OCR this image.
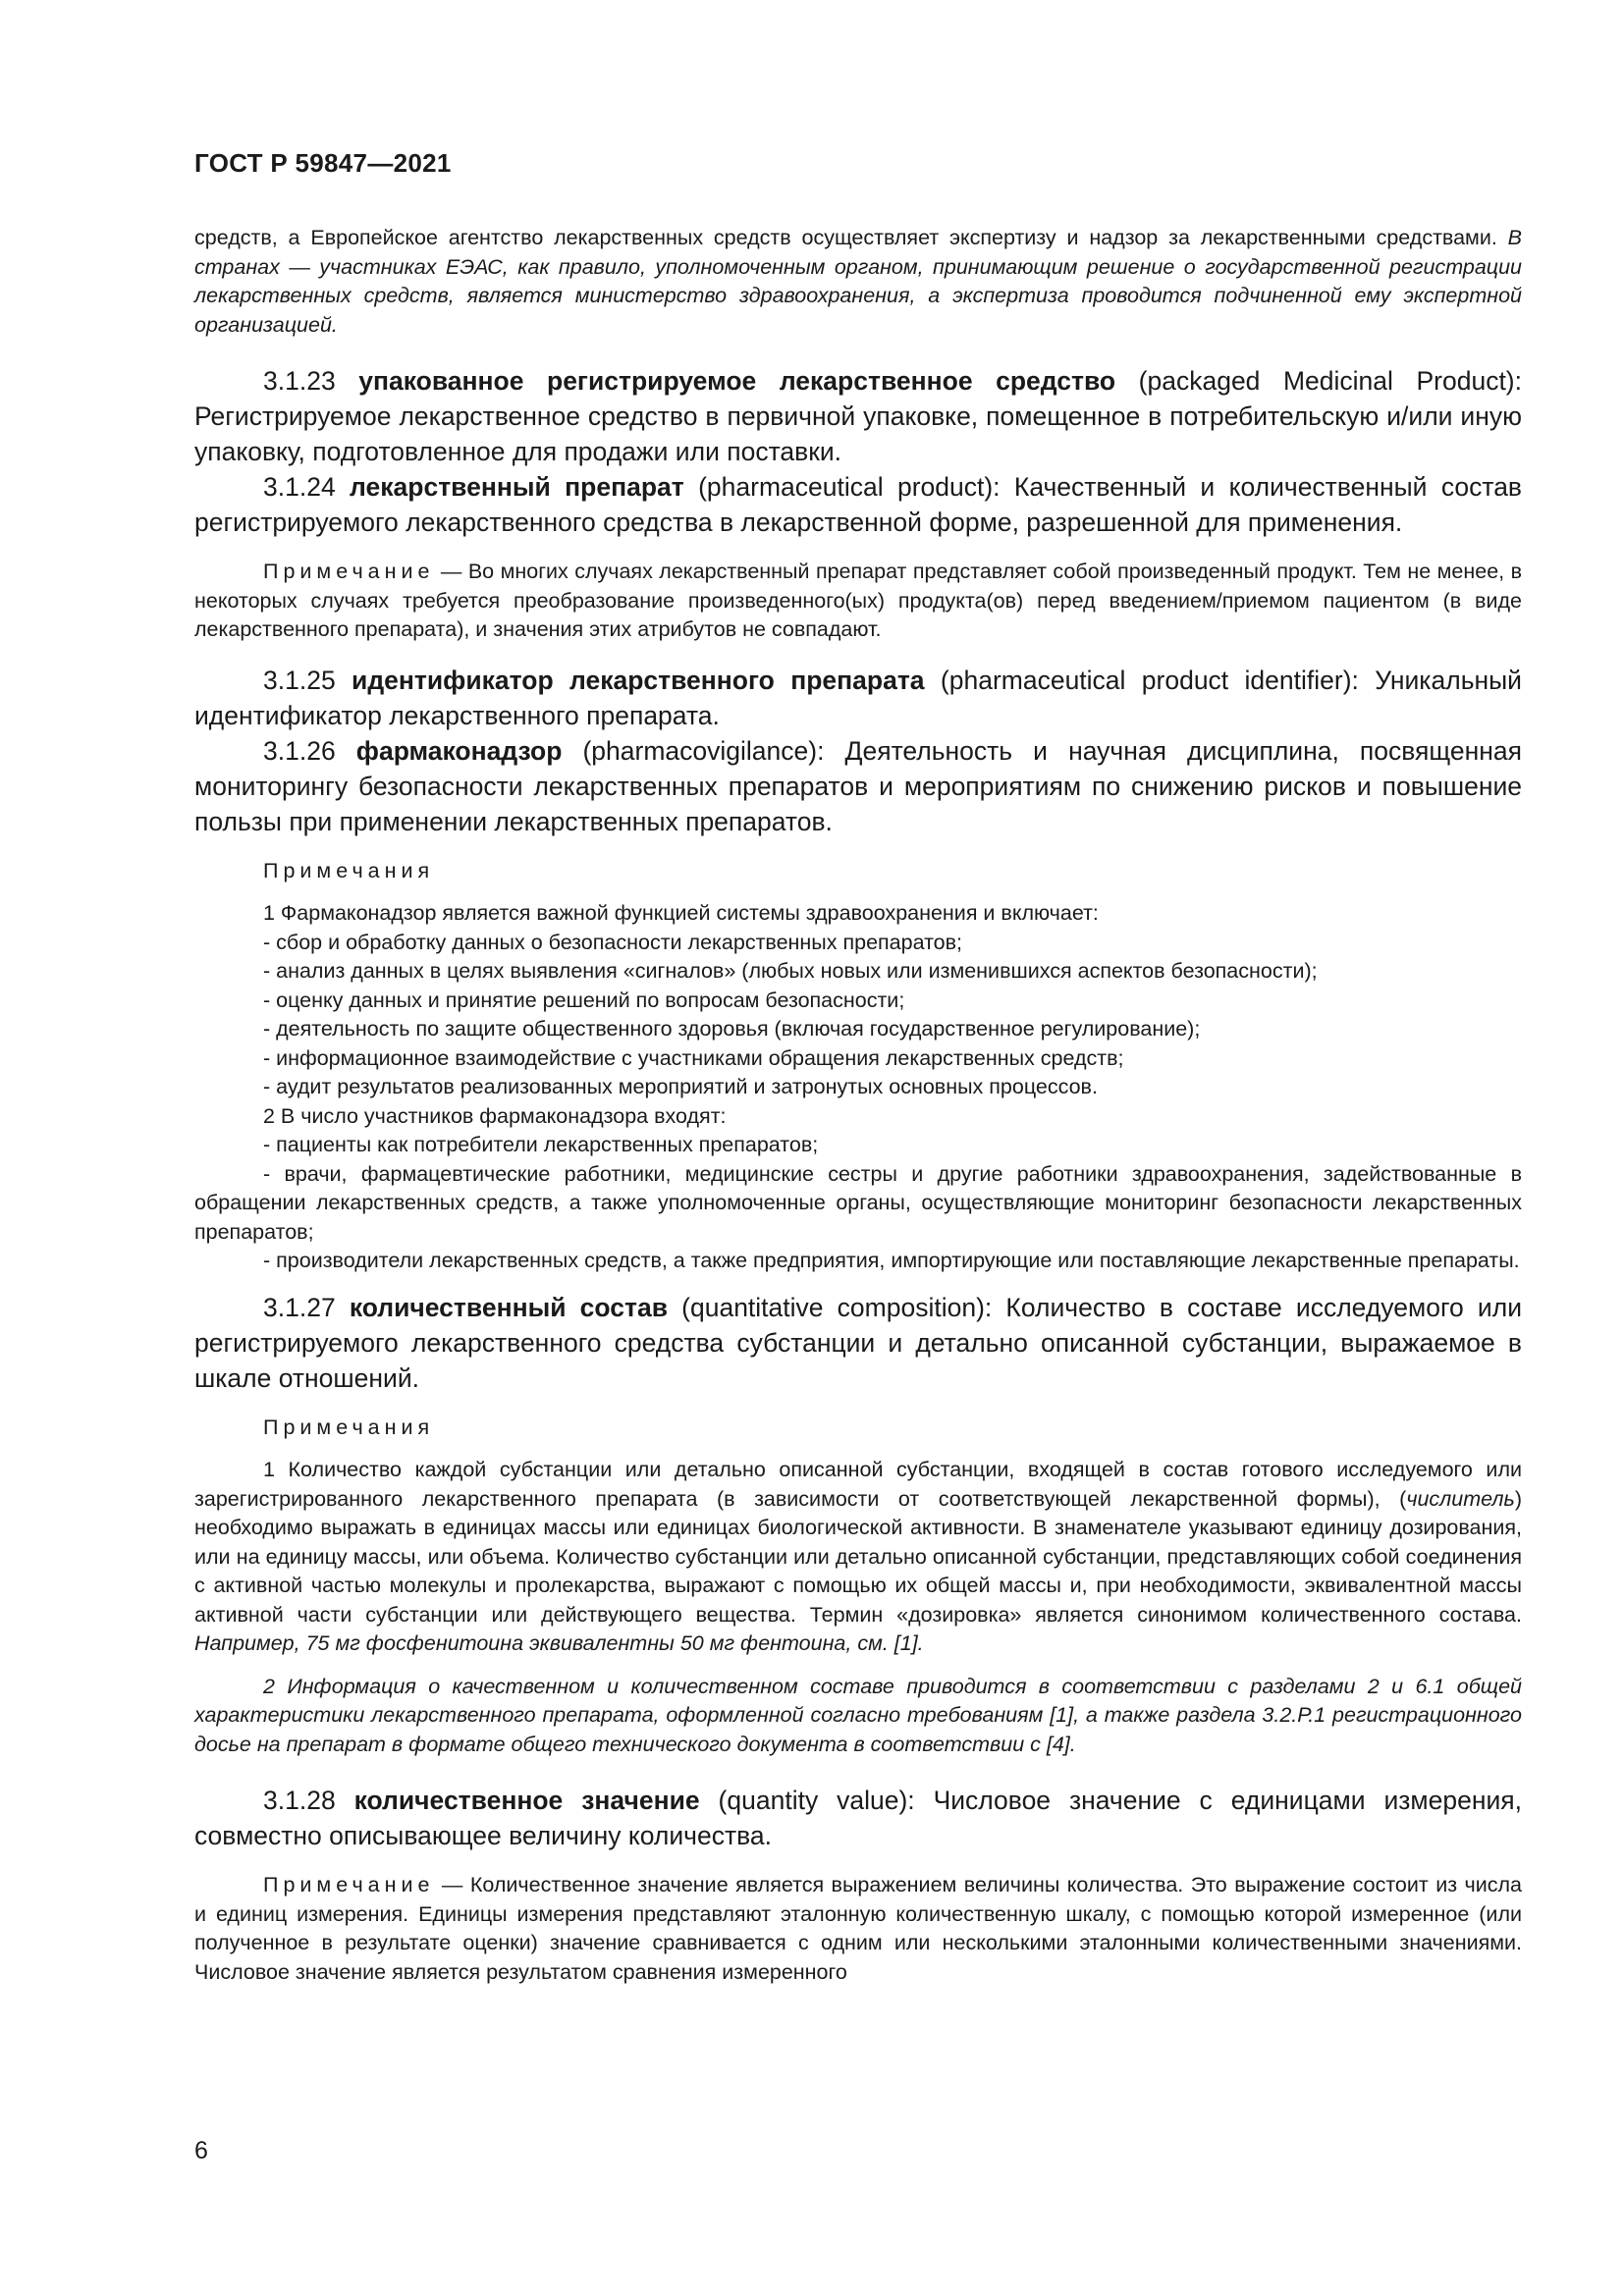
ГОСТ Р 59847—2021

средств, а Европейское агентство лекарственных средств осуществляет экспертизу и надзор за лекарственными средствами. В странах — участниках ЕЭАС, как правило, уполномоченным органом, принимающим решение о государственной регистрации лекарственных средств, является министерство здравоохранения, а экспертиза проводится подчиненной ему экспертной организацией.

3.1.23 упакованное регистрируемое лекарственное средство (packaged Medicinal Product): Регистрируемое лекарственное средство в первичной упаковке, помещенное в потребительскую и/или иную упаковку, подготовленное для продажи или поставки.

3.1.24 лекарственный препарат (pharmaceutical product): Качественный и количественный состав регистрируемого лекарственного средства в лекарственной форме, разрешенной для применения.

Примечание — Во многих случаях лекарственный препарат представляет собой произведенный продукт. Тем не менее, в некоторых случаях требуется преобразование произведенного(ых) продукта(ов) перед введением/приемом пациентом (в виде лекарственного препарата), и значения этих атрибутов не совпадают.

3.1.25 идентификатор лекарственного препарата (pharmaceutical product identifier): Уникальный идентификатор лекарственного препарата.

3.1.26 фармаконадзор (pharmacovigilance): Деятельность и научная дисциплина, посвященная мониторингу безопасности лекарственных препаратов и мероприятиям по снижению рисков и повышение пользы при применении лекарственных препаратов.

Примечания

1 Фармаконадзор является важной функцией системы здравоохранения и включает:

- сбор и обработку данных о безопасности лекарственных препаратов;

- анализ данных в целях выявления «сигналов» (любых новых или изменившихся аспектов безопасности);

- оценку данных и принятие решений по вопросам безопасности;

- деятельность по защите общественного здоровья (включая государственное регулирование);

- информационное взаимодействие с участниками обращения лекарственных средств;

- аудит результатов реализованных мероприятий и затронутых основных процессов.

2 В число участников фармаконадзора входят:

- пациенты как потребители лекарственных препаратов;

- врачи, фармацевтические работники, медицинские сестры и другие работники здравоохранения, задействованные в обращении лекарственных средств, а также уполномоченные органы, осуществляющие мониторинг безопасности лекарственных препаратов;

- производители лекарственных средств, а также предприятия, импортирующие или поставляющие лекарственные препараты.

3.1.27 количественный состав (quantitative composition): Количество в составе исследуемого или регистрируемого лекарственного средства субстанции и детально описанной субстанции, выражаемое в шкале отношений.

Примечания

1 Количество каждой субстанции или детально описанной субстанции, входящей в состав готового исследуемого или зарегистрированного лекарственного препарата (в зависимости от соответствующей лекарственной формы), (числитель) необходимо выражать в единицах массы или единицах биологической активности. В знаменателе указывают единицу дозирования, или на единицу массы, или объема. Количество субстанции или детально описанной субстанции, представляющих собой соединения с активной частью молекулы и пролекарства, выражают с помощью их общей массы и, при необходимости, эквивалентной массы активной части субстанции или действующего вещества. Термин «дозировка» является синонимом количественного состава. Например, 75 мг фосфенитоина эквивалентны 50 мг фентоина, см. [1].

2 Информация о качественном и количественном составе приводится в соответствии с разделами 2 и 6.1 общей характеристики лекарственного препарата, оформленной согласно требованиям [1], а также раздела 3.2.Р.1 регистрационного досье на препарат в формате общего технического документа в соответствии с [4].

3.1.28 количественное значение (quantity value): Числовое значение с единицами измерения, совместно описывающее величину количества.

Примечание — Количественное значение является выражением величины количества. Это выражение состоит из числа и единиц измерения. Единицы измерения представляют эталонную количественную шкалу, с помощью которой измеренное (или полученное в результате оценки) значение сравнивается с одним или несколькими эталонными количественными значениями. Числовое значение является результатом сравнения измеренного

6
